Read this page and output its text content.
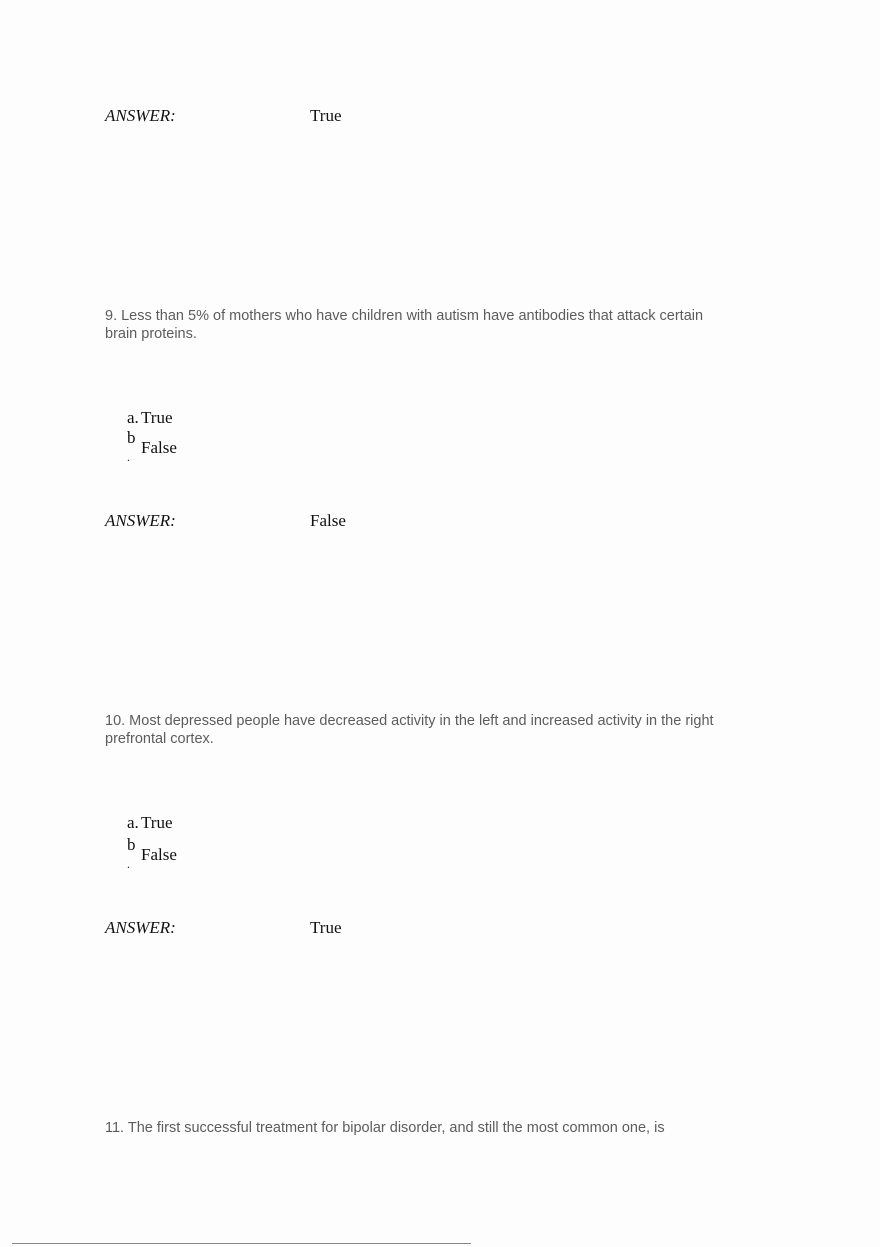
ANSWER:	True
9. Less than 5% of mothers who have children with autism have antibodies that attack certain brain proteins.
a. True
b
False
.
ANSWER:	False
10. Most depressed people have decreased activity in the left and increased activity in the right prefrontal cortex.
a. True
b
False
.
ANSWER:	True
11. The first successful treatment for bipolar disorder, and still the most common one, is
